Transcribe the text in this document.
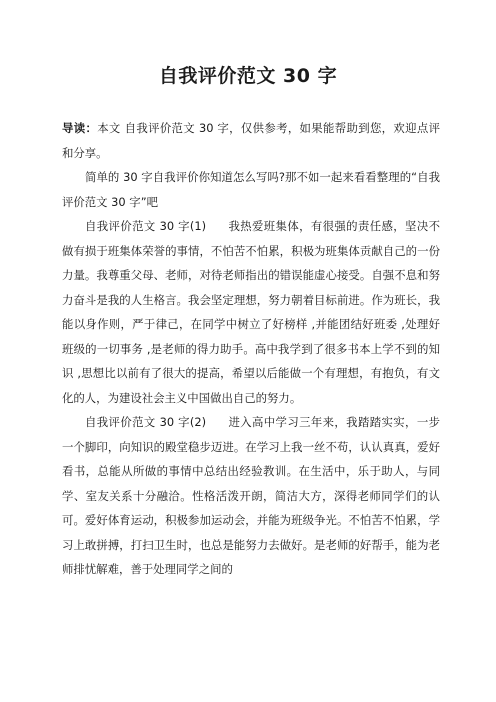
自我评价范文 30 字

导读：本文 自我评价范文 30 字，仅供参考，如果能帮助到您，欢迎点评和分享。

简单的 30 字自我评价你知道怎么写吗?那不如一起来看看整理的“自我评价范文 30 字”吧

自我评价范文 30 字(1) 我热爱班集体，有很强的责任感，坚决不做有损于班集体荣誉的事情，不怕苦不怕累，积极为班集体贡献自己的一份力量。我尊重父母、老师，对待老师指出的错误能虚心接受。自强不息和努力奋斗是我的人生格言。我会坚定理想，努力朝着目标前进。作为班长，我能以身作则，严于律己，在同学中树立了好榜样 ,并能团结好班委 ,处理好班级的一切事务 ,是老师的得力助手。高中我学到了很多书本上学不到的知识 ,思想比以前有了很大的提高，希望以后能做一个有理想，有抱负，有文化的人，为建设社会主义中国做出自己的努力。

自我评价范文 30 字(2) 进入高中学习三年来，我踏踏实实，一步一个脚印，向知识的殿堂稳步迈进。在学习上我一丝不苟，认认真真，爱好看书，总能从所做的事情中总结出经验教训。在生活中，乐于助人，与同学、室友关系十分融洽。性格活泼开朗，简洁大方，深得老师同学们的认可。爱好体育运动，积极参加运动会，并能为班级争光。不怕苦不怕累，学习上敢拼搏，打扫卫生时，也总是能努力去做好。是老师的好帮手，能为老师排忧解难，善于处理同学之间的
